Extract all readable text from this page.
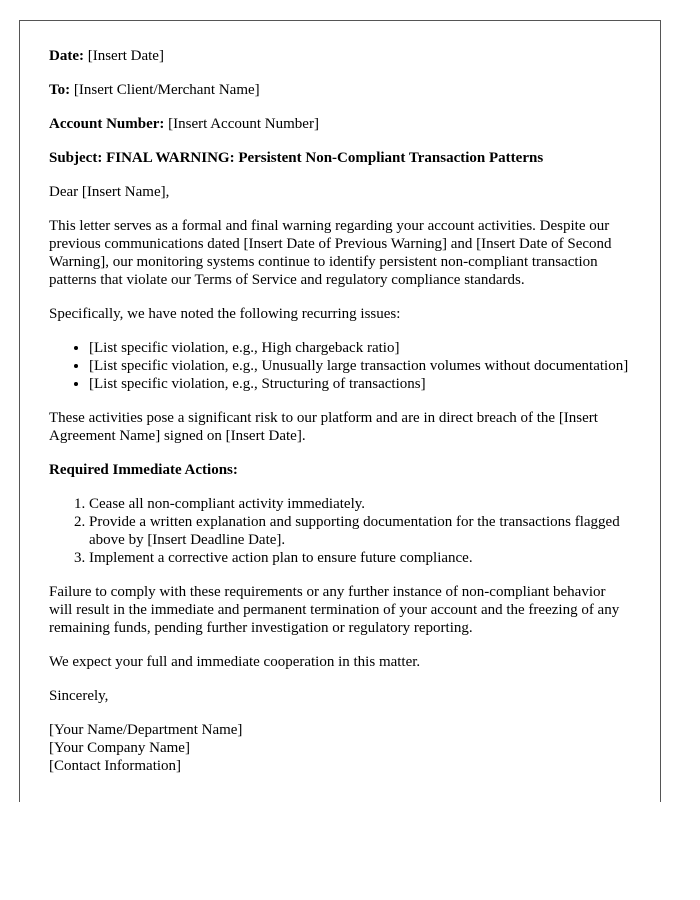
Date: [Insert Date]

To: [Insert Client/Merchant Name]

Account Number: [Insert Account Number]

Subject: FINAL WARNING: Persistent Non-Compliant Transaction Patterns

Dear [Insert Name],

This letter serves as a formal and final warning regarding your account activities. Despite our previous communications dated [Insert Date of Previous Warning] and [Insert Date of Second Warning], our monitoring systems continue to identify persistent non-compliant transaction patterns that violate our Terms of Service and regulatory compliance standards.

Specifically, we have noted the following recurring issues:

• [List specific violation, e.g., High chargeback ratio]
• [List specific violation, e.g., Unusually large transaction volumes without documentation]
• [List specific violation, e.g., Structuring of transactions]

These activities pose a significant risk to our platform and are in direct breach of the [Insert Agreement Name] signed on [Insert Date].

Required Immediate Actions:

1. Cease all non-compliant activity immediately.
2. Provide a written explanation and supporting documentation for the transactions flagged above by [Insert Deadline Date].
3. Implement a corrective action plan to ensure future compliance.

Failure to comply with these requirements or any further instance of non-compliant behavior will result in the immediate and permanent termination of your account and the freezing of any remaining funds, pending further investigation or regulatory reporting.

We expect your full and immediate cooperation in this matter.

Sincerely,

[Your Name/Department Name]

[Your Company Name]

[Contact Information]
